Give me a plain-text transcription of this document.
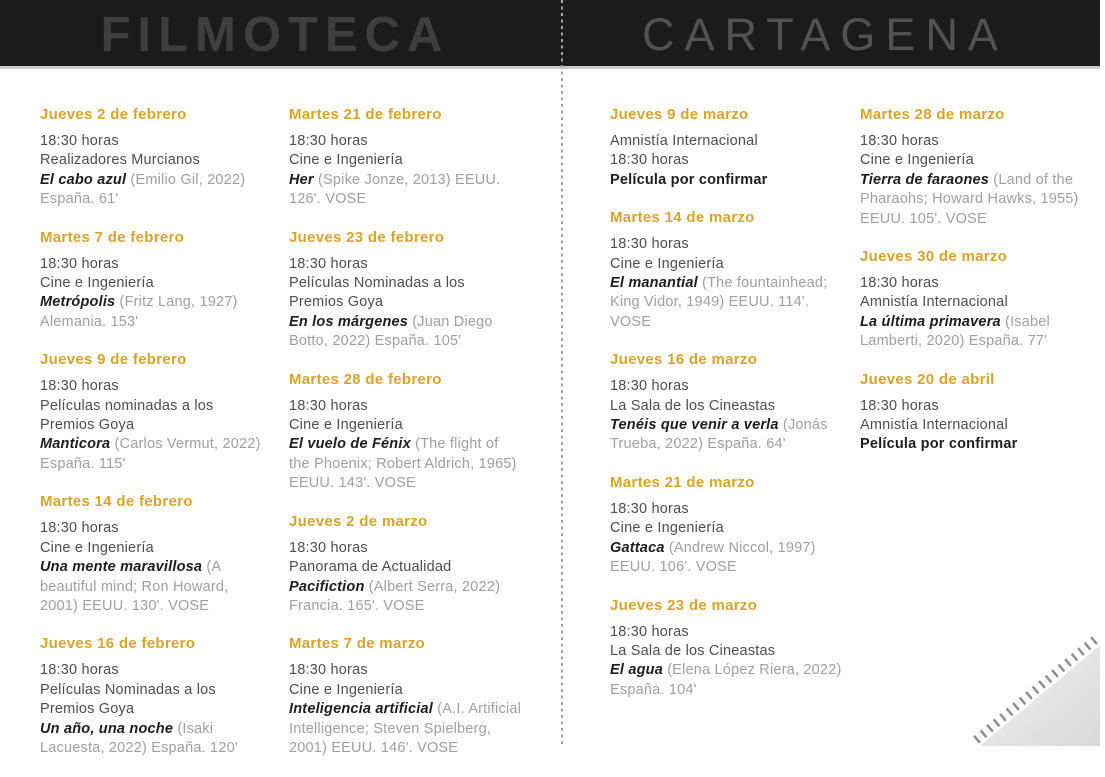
FILMOTECA	CARTAGENA
Jueves 2 de febrero
18:30 horas
Realizadores Murcianos
El cabo azul (Emilio Gil, 2022)
España. 61'
Martes 7 de febrero
18:30 horas
Cine e Ingeniería
Metrópolis (Fritz Lang, 1927)
Alemania. 153'
Jueves 9 de febrero
18:30 horas
Películas nominadas a los
Premios Goya
Manticora (Carlos Vermut, 2022)
España. 115'
Martes 14 de febrero
18:30 horas
Cine e Ingeniería
Una mente maravillosa (A
beautiful mind; Ron Howard,
2001) EEUU. 130'. VOSE
Jueves 16 de febrero
18:30 horas
Películas Nominadas a los
Premios Goya
Un año, una noche (Isaki
Lacuesta, 2022) España. 120'
Martes 21 de febrero
18:30 horas
Cine e Ingeniería
Her (Spike Jonze, 2013) EEUU.
126'. VOSE
Jueves 23 de febrero
18:30 horas
Películas Nominadas a los
Premios Goya
En los márgenes (Juan Diego
Botto, 2022) España. 105'
Martes 28 de febrero
18:30 horas
Cine e Ingeniería
El vuelo de Fénix (The flight of
the Phoenix; Robert Aldrich, 1965)
EEUU. 143'. VOSE
Jueves 2 de marzo
18:30 horas
Panorama de Actualidad
Pacifiction (Albert Serra, 2022)
Francia. 165'. VOSE
Martes 7 de marzo
18:30 horas
Cine e Ingeniería
Inteligencia artificial (A.I. Artificial
Intelligence; Steven Spielberg,
2001) EEUU. 146'. VOSE
Jueves 9 de marzo
Amnistía Internacional
18:30 horas
Película por confirmar
Martes 14 de marzo
18:30 horas
Cine e Ingeniería
El manantial (The fountainhead;
King Vidor, 1949) EEUU. 114'.
VOSE
Jueves 16 de marzo
18:30 horas
La Sala de los Cineastas
Tenéis que venir a verla (Jonás
Trueba, 2022) España. 64'
Martes 21 de marzo
18:30 horas
Cine e Ingeniería
Gattaca (Andrew Niccol, 1997)
EEUU. 106'. VOSE
Jueves 23 de marzo
18:30 horas
La Sala de los Cineastas
El agua (Elena López Riera, 2022)
España. 104'
Martes 28 de marzo
18:30 horas
Cine e Ingeniería
Tierra de faraones (Land of the
Pharaohs; Howard Hawks, 1955)
EEUU. 105'. VOSE
Jueves 30 de marzo
18:30 horas
Amnistía Internacional
La última primavera (Isabel
Lamberti, 2020) España. 77'
Jueves 20 de abril
18:30 horas
Amnistía Internacional
Película por confirmar
